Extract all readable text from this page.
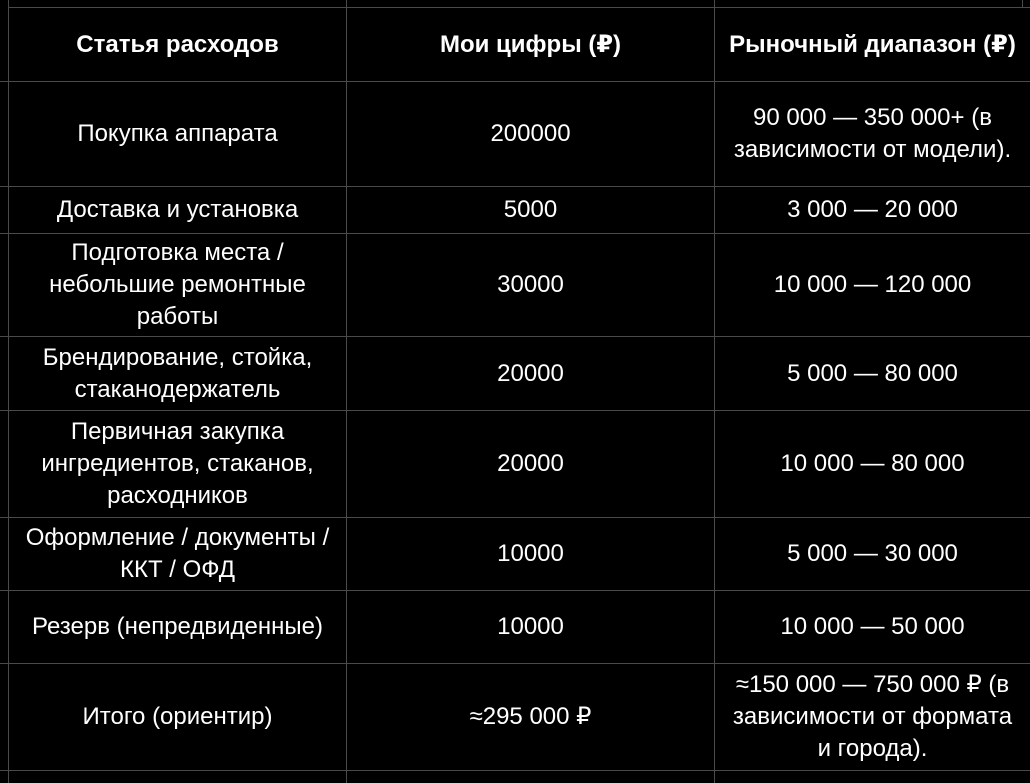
Статья расходов	Мои цифры (₽)	Рыночный диапазон (₽)	
Покупка аппарата	200000	90 000 — 350 000+ (в зависимости от модели).	
Доставка и установка	5000	3 000 — 20 000	
Подготовка места / небольшие ремонтные работы	30000	10 000 — 120 000	
Брендирование, стойка, стаканодержатель	20000	5 000 — 80 000	
Первичная закупка ингредиентов, стаканов, расходников	20000	10 000 — 80 000	
Оформление / документы / ККТ / ОФД	10000	5 000 — 30 000	
Резерв (непредвиденные)	10000	10 000 — 50 000	
Итого (ориентир)	≈295 000 ₽	≈150 000 — 750 000 ₽ (в зависимости от формата и города).	
